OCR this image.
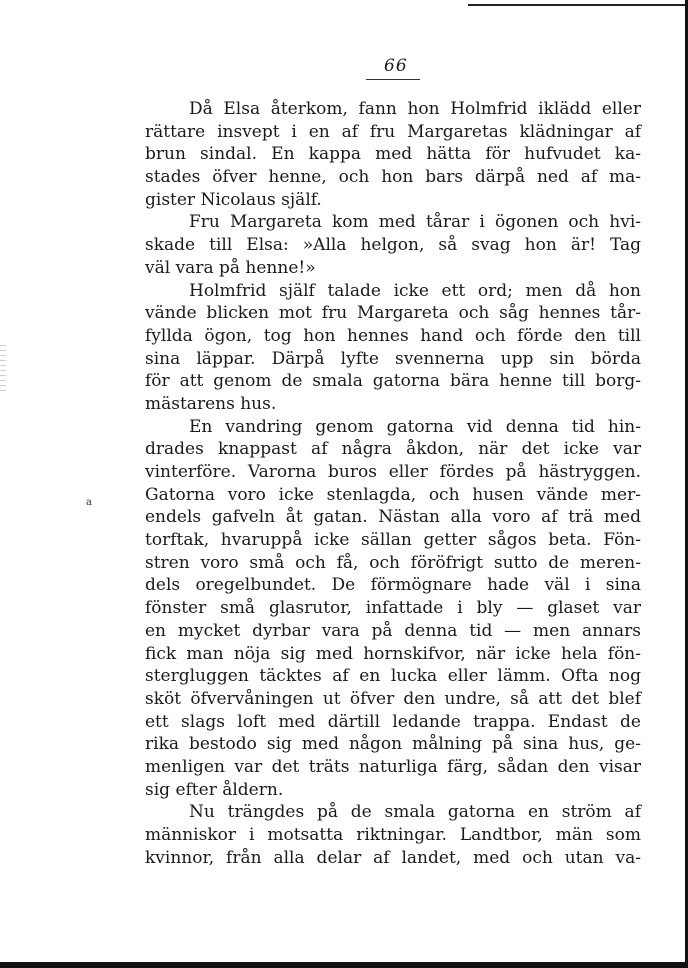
66
a
Då Elsa återkom, fann hon Holmfrid iklädd eller
rättare insvept i en af fru Margaretas klädningar af
brun sindal. En kappa med hätta för hufvudet ka-
stades öfver henne, och hon bars därpå ned af ma-
gister Nicolaus själf.
Fru Margareta kom med tårar i ögonen och hvi-
skade till Elsa: »Alla helgon, så svag hon är! Tag
väl vara på henne!»
Holmfrid själf talade icke ett ord; men då hon
vände blicken mot fru Margareta och såg hennes tår-
fyllda ögon, tog hon hennes hand och förde den till
sina läppar. Därpå lyfte svennerna upp sin börda
för att genom de smala gatorna bära henne till borg-
mästarens hus.
En vandring genom gatorna vid denna tid hin-
drades knappast af några åkdon, när det icke var
vinterföre. Varorna buros eller fördes på hästryggen.
Gatorna voro icke stenlagda, och husen vände mer-
endels gafveln åt gatan. Nästan alla voro af trä med
torftak, hvaruppå icke sällan getter sågos beta. Fön-
stren voro små och få, och föröfrigt sutto de meren-
dels oregelbundet. De förmögnare hade väl i sina
fönster små glasrutor, infattade i bly — glaset var
en mycket dyrbar vara på denna tid — men annars
fick man nöja sig med hornskifvor, när icke hela fön-
stergluggen täcktes af en lucka eller lämm. Ofta nog
sköt öfvervåningen ut öfver den undre, så att det blef
ett slags loft med därtill ledande trappa. Endast de
rika bestodo sig med någon målning på sina hus, ge-
menligen var det träts naturliga färg, sådan den visar
sig efter åldern.
Nu trängdes på de smala gatorna en ström af
människor i motsatta riktningar. Landtbor, män som
kvinnor, från alla delar af landet, med och utan va-
